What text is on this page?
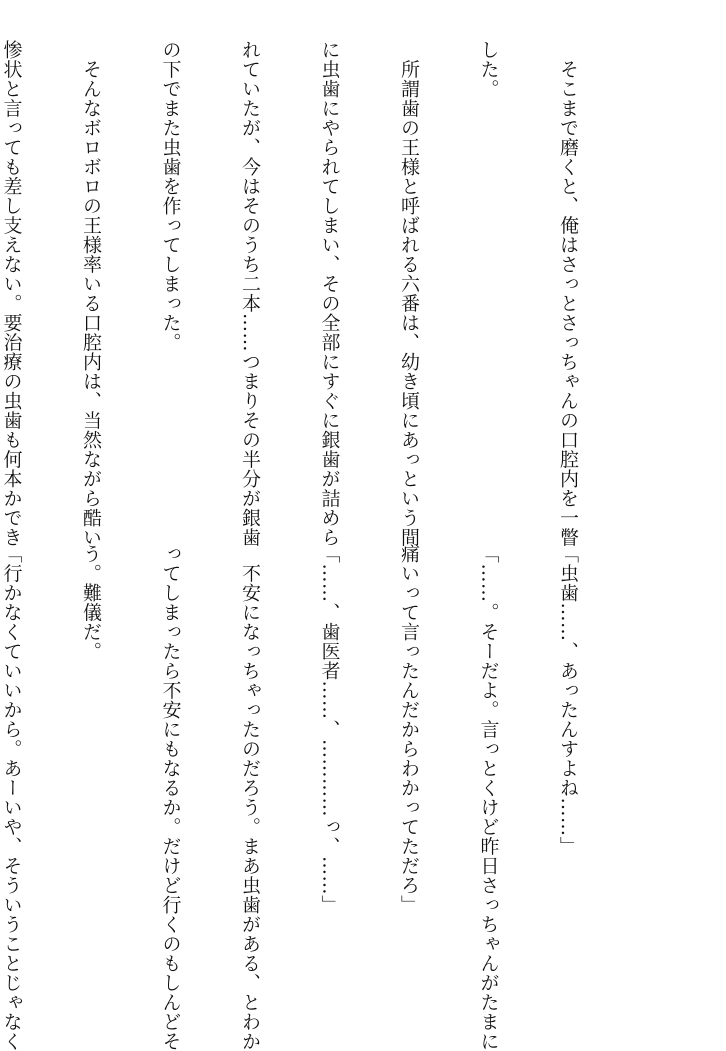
　そこまで磨くと、俺はさっとさっちゃんの口腔内を一瞥

した。

　所謂歯の王様と呼ばれる六番は、幼き頃にあっという間

に虫歯にやられてしまい、その全部にすぐに銀歯が詰めら

れていたが、今はそのうち二本……つまりその半分が銀歯

の下でまた虫歯を作ってしまった。

　そんなボロボロの王様率いる口腔内は、当然ながら酷い

惨状と言っても差し支えない。要治療の虫歯も何本かでき

「虫歯……、あったんすよね……」

「……。そーだよ。言っとくけど昨日さっちゃんがたまに

痛いって言ったんだからわかってただろ」

「……、歯医者……、…………っ、……」

　不安になっちゃったのだろう。まあ虫歯がある、とわか

ってしまったら不安にもなるか。だけど行くのもしんどそ

う。難儀だ。

「行かなくていいから。あーいや、そういうことじゃなく
